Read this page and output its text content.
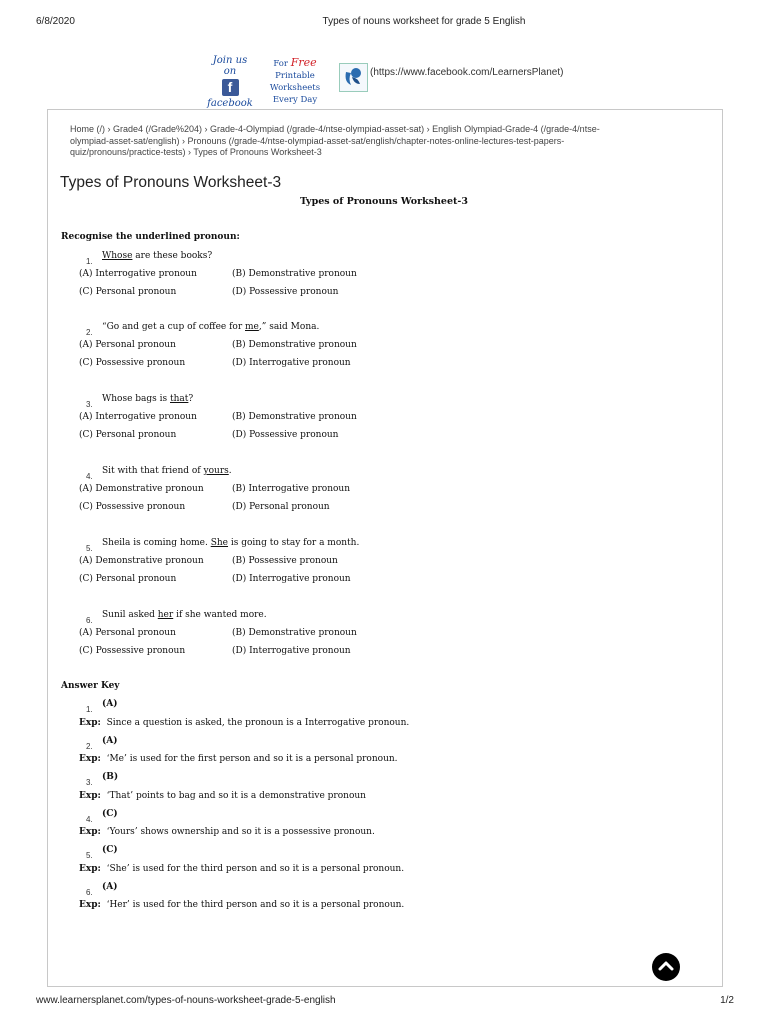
6/8/2020	Types of nouns worksheet for grade 5 English
Join us on
f
facebook
For Free
Printable Worksheets
Every Day
(https://www.facebook.com/LearnersPlanet)
Home (/) › Grade4 (/Grade%204) › Grade-4-Olympiad (/grade-4/ntse-olympiad-asset-sat) › English Olympiad-Grade-4 (/grade-4/ntse-
olympiad-asset-sat/english) › Pronouns (/grade-4/ntse-olympiad-asset-sat/english/chapter-notes-online-lectures-test-papers-
quiz/pronouns/practice-tests) › Types of Pronouns Worksheet-3
Types of Pronouns Worksheet-3
Types of Pronouns Worksheet-3
Recognise the underlined pronoun:
1.
Whose are these books?
(A) Interrogative pronoun	(B) Demonstrative pronoun
(C) Personal pronoun	(D) Possessive pronoun
2.
“Go and get a cup of coffee for me,” said Mona.
(A) Personal pronoun	(B) Demonstrative pronoun
(C) Possessive pronoun	(D) Interrogative pronoun
3.
Whose bags is that?
(A) Interrogative pronoun	(B) Demonstrative pronoun
(C) Personal pronoun	(D) Possessive pronoun
4.
Sit with that friend of yours.
(A) Demonstrative pronoun	(B) Interrogative pronoun
(C) Possessive pronoun	(D) Personal pronoun
5.
Sheila is coming home. She is going to stay for a month.
(A) Demonstrative pronoun	(B) Possessive pronoun
(C) Personal pronoun	(D) Interrogative pronoun
6.
Sunil asked her if she wanted more.
(A) Personal pronoun	(B) Demonstrative pronoun
(C) Possessive pronoun	(D) Interrogative pronoun
Answer Key
1.
(A)
Exp: Since a question is asked, the pronoun is a Interrogative pronoun.
2.
(A)
Exp: ‘Me’ is used for the first person and so it is a personal pronoun.
3.
(B)
Exp: ‘That’ points to bag and so it is a demonstrative pronoun
4.
(C)
Exp: ‘Yours’ shows ownership and so it is a possessive pronoun.
5.
(C)
Exp: ‘She’ is used for the third person and so it is a personal pronoun.
6.
(A)
Exp: ‘Her’ is used for the third person and so it is a personal pronoun.
www.learnersplanet.com/types-of-nouns-worksheet-grade-5-english	1/2
